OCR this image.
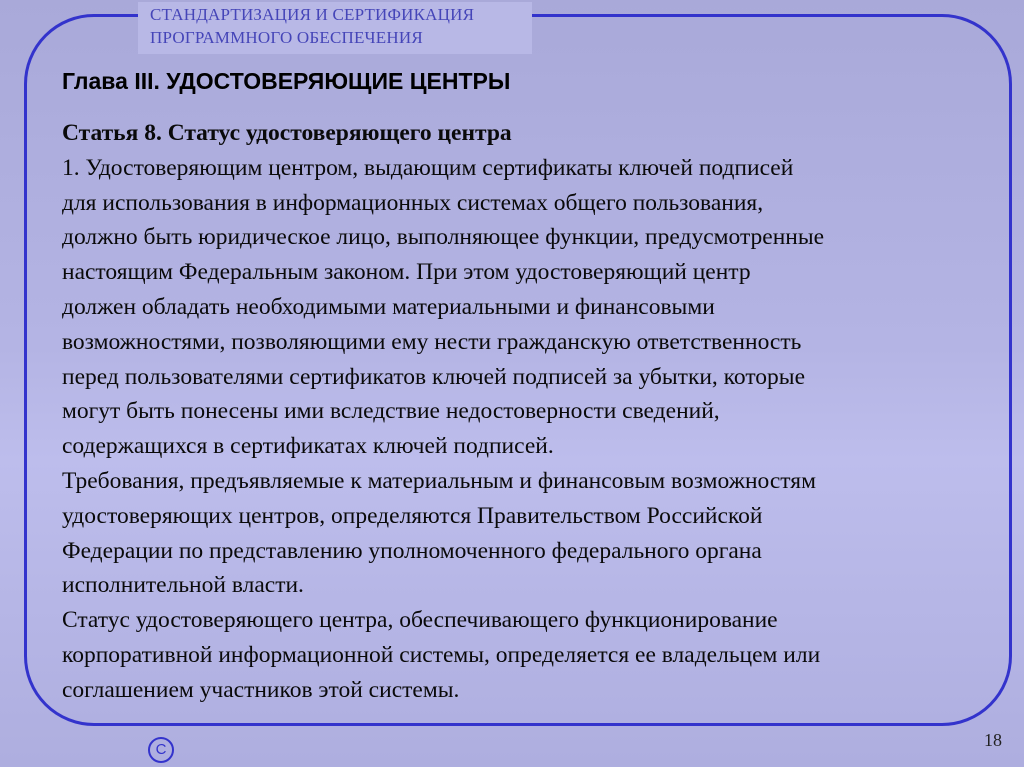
СТАНДАРТИЗАЦИЯ И СЕРТИФИКАЦИЯ
ПРОГРАММНОГО ОБЕСПЕЧЕНИЯ
Глава III. УДОСТОВЕРЯЮЩИЕ ЦЕНТРЫ
Статья 8. Статус удостоверяющего центра
1. Удостоверяющим центром, выдающим сертификаты ключей подписей
для использования в информационных системах общего пользования,
должно быть юридическое лицо, выполняющее функции, предусмотренные
настоящим Федеральным законом. При этом удостоверяющий центр
должен обладать необходимыми материальными и финансовыми
возможностями, позволяющими ему нести гражданскую ответственность
перед пользователями сертификатов ключей подписей за убытки, которые
могут быть понесены ими вследствие недостоверности сведений,
содержащихся в сертификатах ключей подписей.
Требования, предъявляемые к материальным и финансовым возможностям
удостоверяющих центров, определяются Правительством Российской
Федерации по представлению уполномоченного федерального органа
исполнительной власти.
Статус удостоверяющего центра, обеспечивающего функционирование
корпоративной информационной системы, определяется ее владельцем или
соглашением участников этой системы.
C	18
